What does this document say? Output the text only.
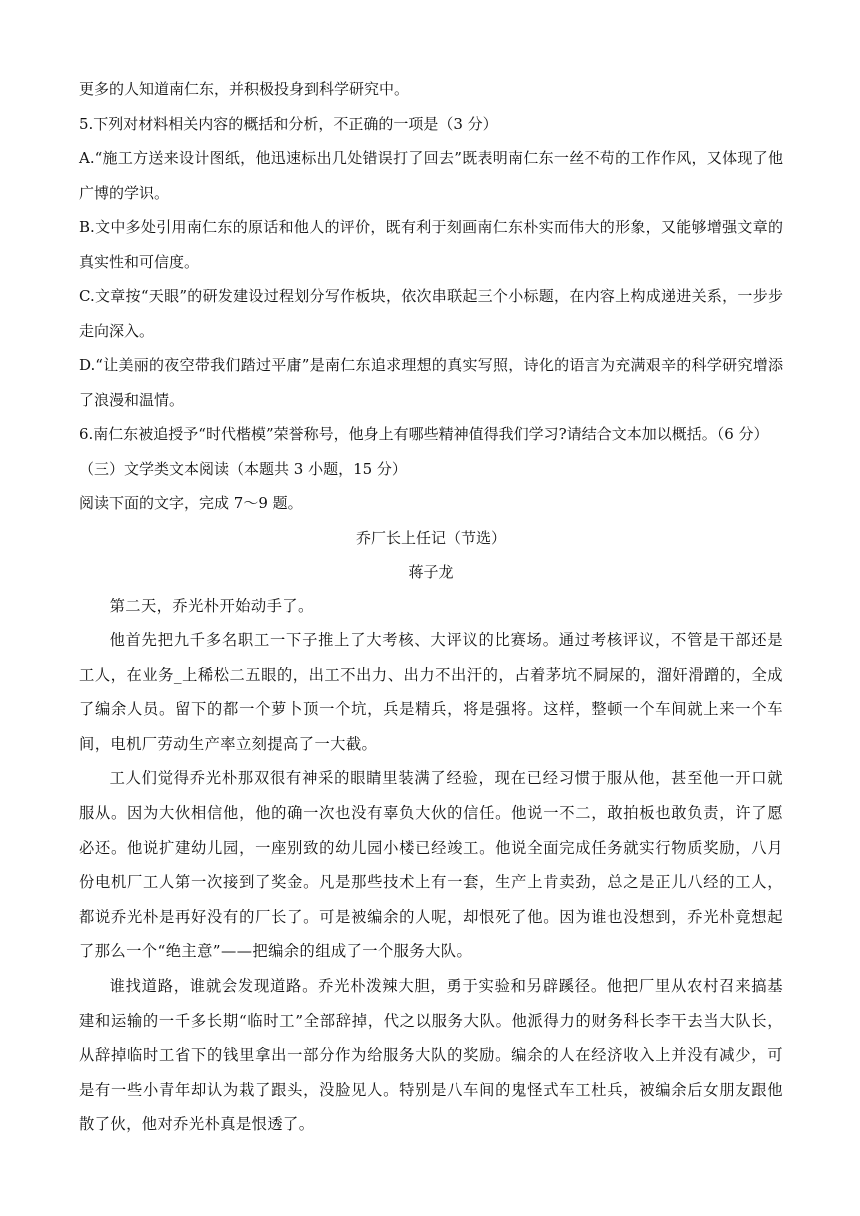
更多的人知道南仁东，并积极投身到科学研究中。

5.下列对材料相关内容的概括和分析，不正确的一项是（3 分）

A.“施工方送来设计图纸，他迅速标出几处错误打了回去”既表明南仁东一丝不苟的工作作风，又体现了他广博的学识。

B.文中多处引用南仁东的原话和他人的评价，既有利于刻画南仁东朴实而伟大的形象，又能够增强文章的真实性和可信度。

C.文章按“天眼”的研发建设过程划分写作板块，依次串联起三个小标题，在内容上构成递进关系，一步步走向深入。

D.“让美丽的夜空带我们踏过平庸”是南仁东追求理想的真实写照，诗化的语言为充满艰辛的科学研究增添了浪漫和温情。

6.南仁东被追授予“时代楷模”荣誉称号，他身上有哪些精神值得我们学习?请结合文本加以概括。（6 分）

（三）文学类文本阅读（本题共 3 小题，15 分）

阅读下面的文字，完成 7～9 题。

乔厂长上任记（节选）

蒋子龙

第二天，乔光朴开始动手了。

他首先把九千多名职工一下子推上了大考核、大评议的比赛场。通过考核评议，不管是干部还是工人，在业务_上稀松二五眼的，出工不出力、出力不出汗的，占着茅坑不屙屎的，溜奸滑蹭的，全成了编余人员。留下的都一个萝卜顶一个坑，兵是精兵，将是强将。这样，整顿一个车间就上来一个车间，电机厂劳动生产率立刻提高了一大截。

工人们觉得乔光朴那双很有神采的眼睛里装满了经验，现在已经习惯于服从他，甚至他一开口就服从。因为大伙相信他，他的确一次也没有辜负大伙的信任。他说一不二，敢拍板也敢负责，许了愿必还。他说扩建幼儿园，一座别致的幼儿园小楼已经竣工。他说全面完成任务就实行物质奖励，八月份电机厂工人第一次接到了奖金。凡是那些技术上有一套，生产上肯卖劲，总之是正儿八经的工人，都说乔光朴是再好没有的厂长了。可是被编余的人呢，却恨死了他。因为谁也没想到，乔光朴竟想起了那么一个“绝主意”——把编余的组成了一个服务大队。

谁找道路，谁就会发现道路。乔光朴泼辣大胆，勇于实验和另辟蹊径。他把厂里从农村召来搞基建和运输的一千多长期“临时工”全部辞掉，代之以服务大队。他派得力的财务科长李干去当大队长，从辞掉临时工省下的钱里拿出一部分作为给服务大队的奖励。编余的人在经济收入上并没有减少，可是有一些小青年却认为栽了跟头，没脸见人。特别是八车间的鬼怪式车工杜兵，被编余后女朋友跟他散了伙，他对乔光朴真是恨透了。
